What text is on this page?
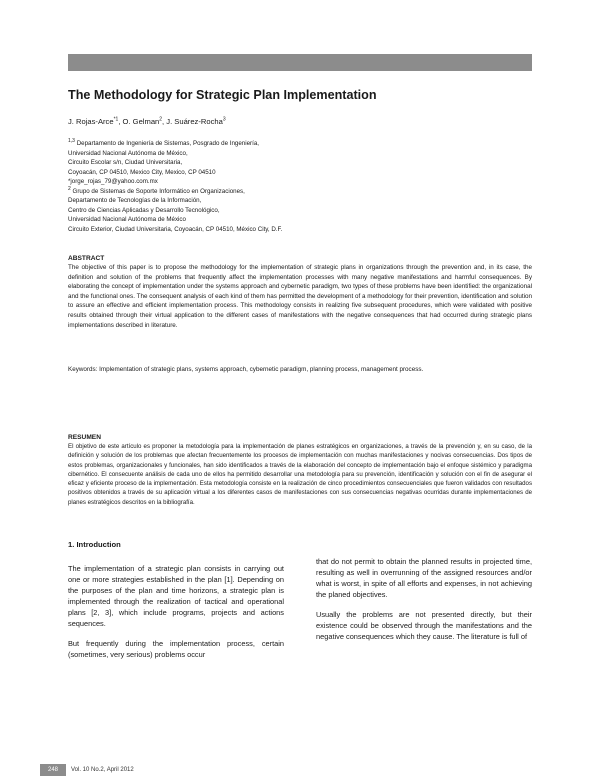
The Methodology for Strategic Plan Implementation
J. Rojas-Arce$^{*1}$, O. Gelman$^2$, J. Suárez-Rocha$^3$
$^{1,3}$ Departamento de Ingeniería de Sistemas, Posgrado de Ingeniería,
Universidad Nacional Autónoma de México,
Circuito Escolar s/n, Ciudad Universitaria,
Coyoacán, CP 04510, Mexico City, Mexico, CP 04510
*jorge_rojas_79@yahoo.com.mx
$^2$ Grupo de Sistemas de Soporte Informático en Organizaciones,
Departamento de Tecnologías de la Información,
Centro de Ciencias Aplicadas y Desarrollo Tecnológico,
Universidad Nacional Autónoma de México
Circuito Exterior, Ciudad Universitaria, Coyoacán, CP 04510, México City, D.F.
ABSTRACT
The objective of this paper is to propose the methodology for the implementation of strategic plans in organizations through the prevention and, in its case, the definition and solution of the problems that frequently affect the implementation processes with many negative manifestations and harmful consequences. By elaborating the concept of implementation under the systems approach and cybernetic paradigm, two types of these problems have been identified: the organizational and the functional ones. The consequent analysis of each kind of them has permitted the development of a methodology for their prevention, identification and solution to assure an effective and efficient implementation process. This methodology consists in realizing five subsequent procedures, which were validated with positive results obtained through their virtual application to the different cases of manifestations with the negative consequences that had occurred during strategic plans implementations described in literature.
Keywords: Implementation of strategic plans, systems approach, cybernetic paradigm, planning process, management process.
RESUMEN
El objetivo de este artículo es proponer la metodología para la implementación de planes estratégicos en organizaciones, a través de la prevención y, en su caso, de la definición y solución de los problemas que afectan frecuentemente los procesos de implementación con muchas manifestaciones y nocivas consecuencias. Dos tipos de estos problemas, organizacionales y funcionales, han sido identificados a través de la elaboración del concepto de implementación bajo el enfoque sistémico y paradigma cibernético. El consecuente análisis de cada uno de ellos ha permitido desarrollar una metodología para su prevención, identificación y solución con el fin de asegurar el eficaz y eficiente proceso de la implementación. Esta metodología consiste en la realización de cinco procedimientos consecuenciales que fueron validados con resultados positivos obtenidos a través de su aplicación virtual a los diferentes casos de manifestaciones con sus consecuencias negativas ocurridas durante implementaciones de planes estratégicos descritos en la bibliografía.
1. Introduction

The implementation of a strategic plan consists in carrying out one or more strategies established in the plan [1]. Depending on the purposes of the plan and time horizons, a strategic plan is implemented through the realization of tactical and operational plans [2, 3], which include programs, projects and actions sequences.

But frequently during the implementation process, certain (sometimes, very serious) problems occur

that do not permit to obtain the planned results in projected time, resulting as well in overrunning of the assigned resources and/or what is worst, in spite of all efforts and expenses, in not achieving the planed objectives.

Usually the problems are not presented directly, but their existence could be observed through the manifestations and the negative consequences which they cause. The literature is full of

248	Vol. 10 No.2, April 2012
